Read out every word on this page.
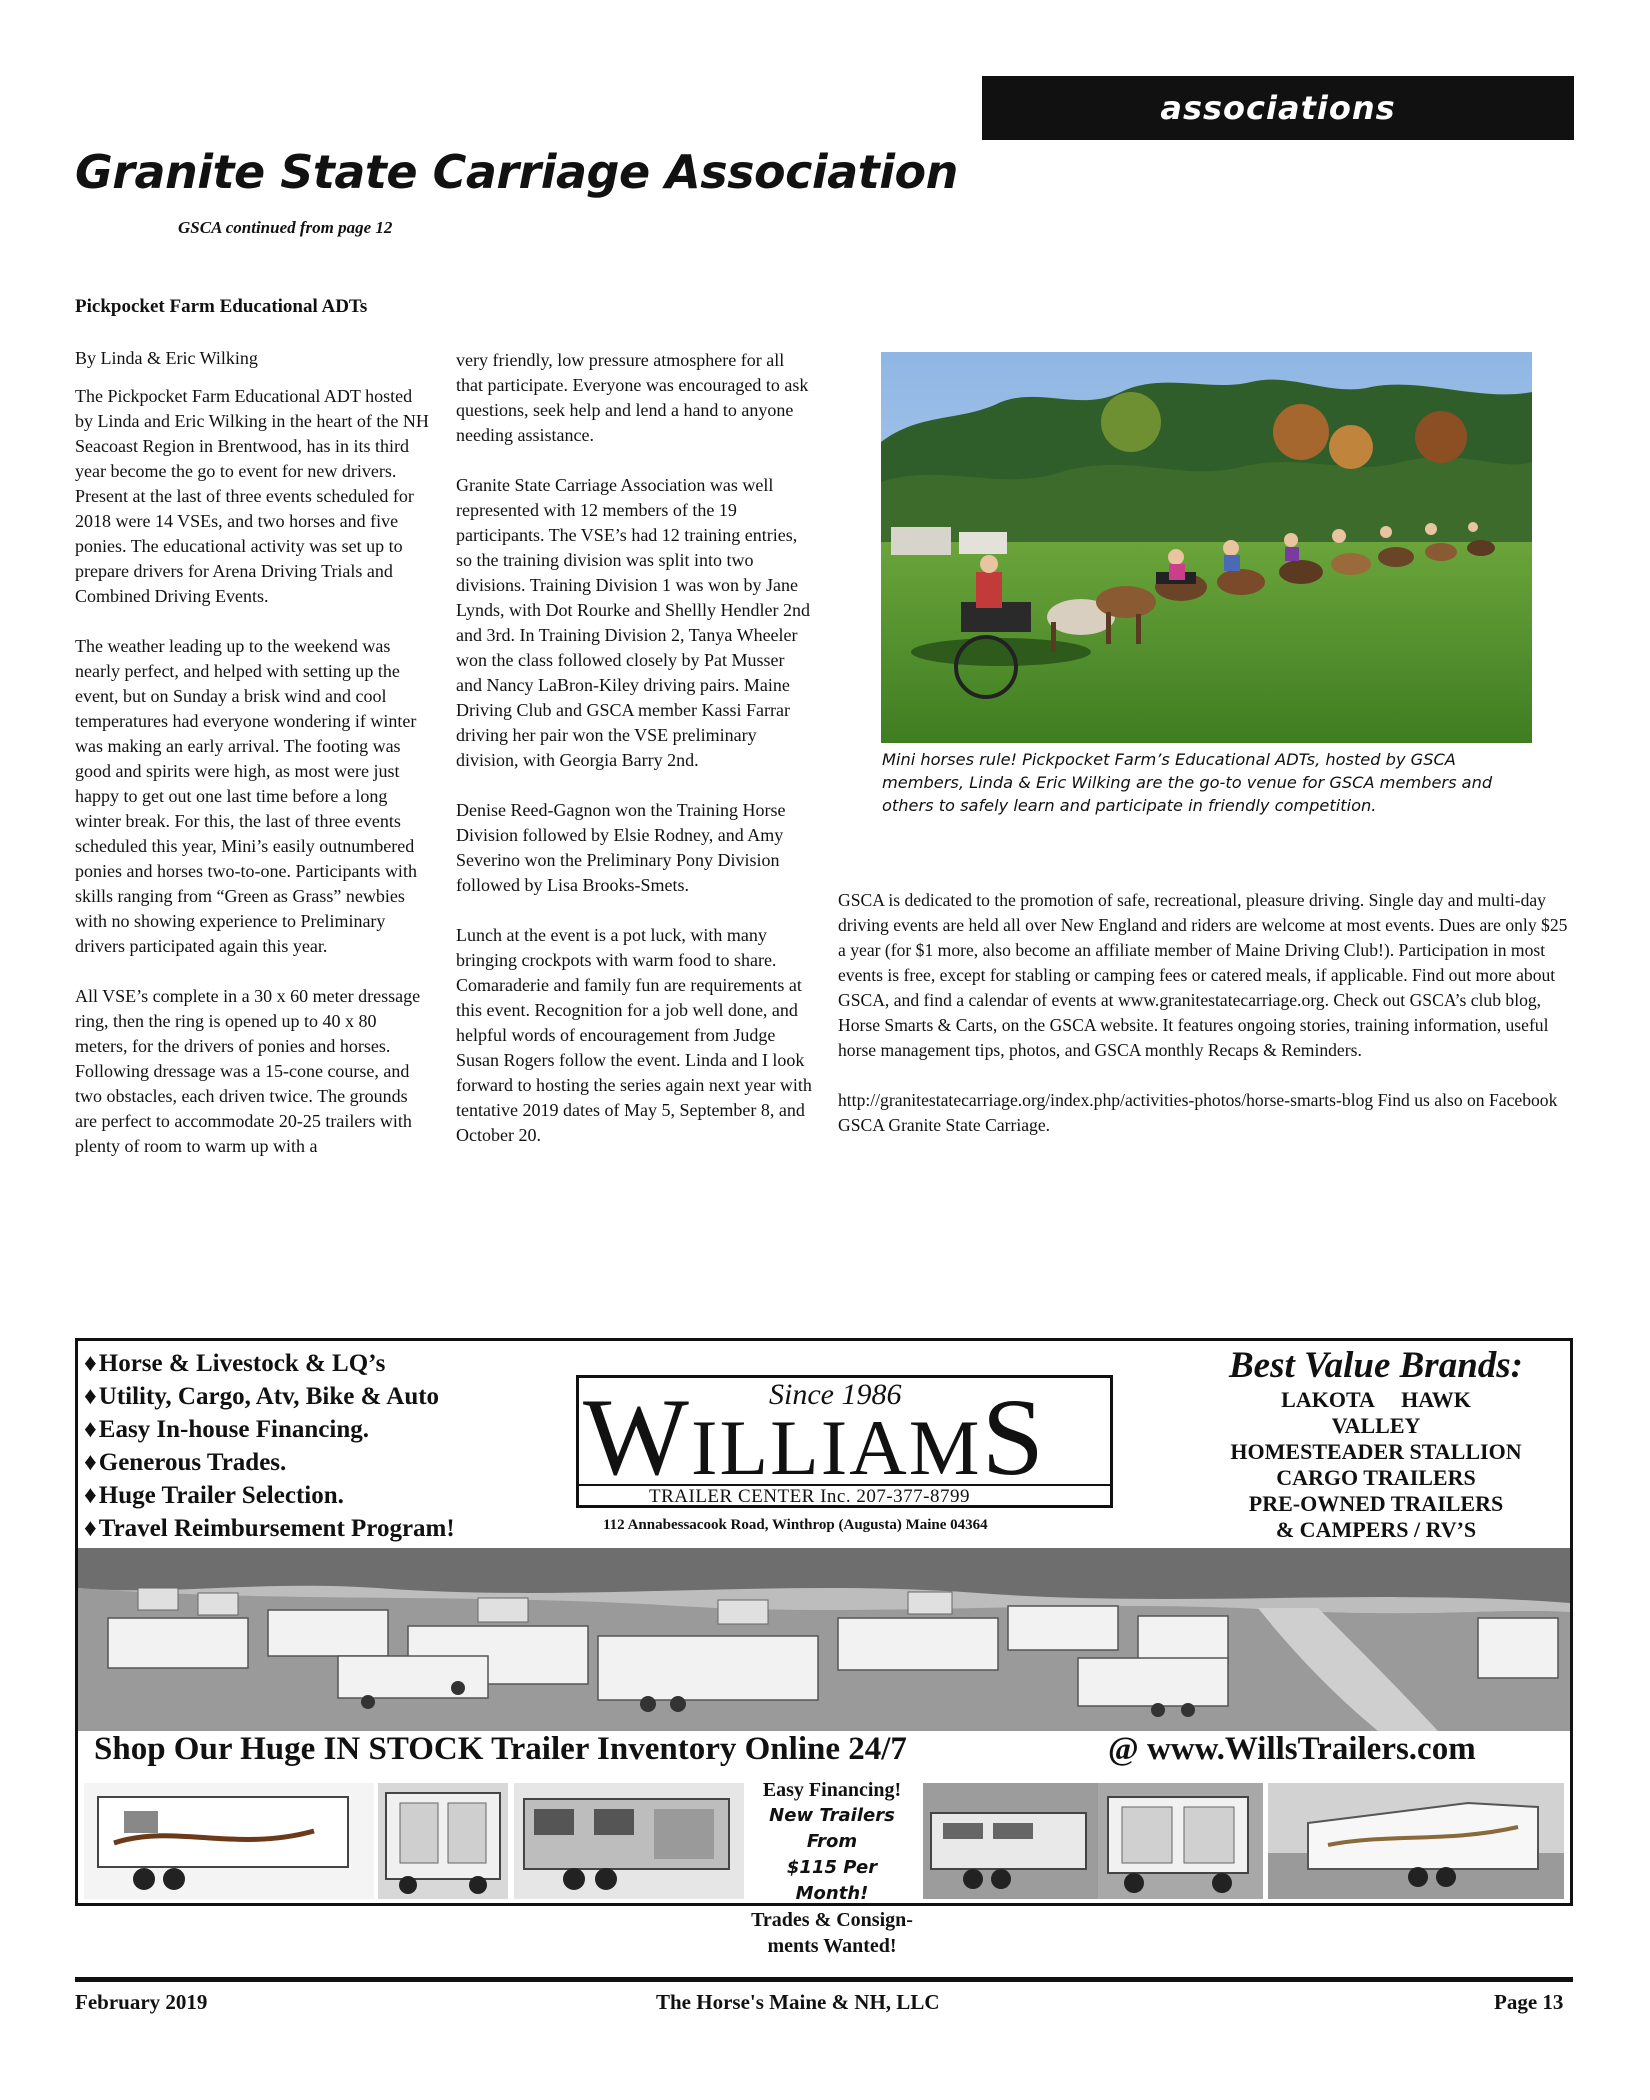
associations
Granite State Carriage Association
GSCA continued from page 12
Pickpocket Farm Educational ADTs
By Linda & Eric Wilking

The Pickpocket Farm Educational ADT hosted by Linda and Eric Wilking in the heart of the NH Seacoast Region in Brentwood, has in its third year become the go to event for new drivers. Present at the last of three events scheduled for 2018 were 14 VSEs, and two horses and five ponies. The educational activity was set up to prepare drivers for Arena Driving Trials and Combined Driving Events.

The weather leading up to the weekend was nearly perfect, and helped with setting up the event, but on Sunday a brisk wind and cool temperatures had everyone wondering if winter was making an early arrival. The footing was good and spirits were high, as most were just happy to get out one last time before a long winter break. For this, the last of three events scheduled this year, Mini’s easily outnumbered ponies and horses two-to-one. Participants with skills ranging from “Green as Grass” newbies with no showing experience to Preliminary drivers participated again this year.

All VSE’s complete in a 30 x 60 meter dressage ring, then the ring is opened up to 40 x 80 meters, for the drivers of ponies and horses. Following dressage was a 15-cone course, and two obstacles, each driven twice. The grounds are perfect to accommodate 20-25 trailers with plenty of room to warm up with a

very friendly, low pressure atmosphere for all that participate. Everyone was encouraged to ask questions, seek help and lend a hand to anyone needing assistance.

Granite State Carriage Association was well represented with 12 members of the 19 participants. The VSE’s had 12 training entries, so the training division was split into two divisions. Training Division 1 was won by Jane Lynds, with Dot Rourke and Shellly Hendler 2nd and 3rd. In Training Division 2, Tanya Wheeler won the class followed closely by Pat Musser and Nancy LaBron-Kiley driving pairs. Maine Driving Club and GSCA member Kassi Farrar driving her pair won the VSE preliminary division, with Georgia Barry 2nd.

Denise Reed-Gagnon won the Training Horse Division followed by Elsie Rodney, and Amy Severino won the Preliminary Pony Division followed by Lisa Brooks-Smets.

Lunch at the event is a pot luck, with many bringing crockpots with warm food to share. Comaraderie and family fun are requirements at this event. Recognition for a job well done, and helpful words of encouragement from Judge Susan Rogers follow the event. Linda and I look forward to hosting the series again next year with tentative 2019 dates of May 5, September 8, and October 20.

Mini horses rule! Pickpocket Farm’s Educational ADTs, hosted by GSCA members, Linda & Eric Wilking are the go-to venue for GSCA members and others to safely learn and participate in friendly competition.

GSCA is dedicated to the promotion of safe, recreational, pleasure driving. Single day and multi-day driving events are held all over New England and riders are welcome at most events. Dues are only $25 a year (for $1 more, also become an affiliate member of Maine Driving Club!). Participation in most events is free, except for stabling or camping fees or catered meals, if applicable. Find out more about GSCA, and find a calendar of events at www.granitestatecarriage.org. Check out GSCA’s club blog, Horse Smarts & Carts, on the GSCA website. It features ongoing stories, training information, useful horse management tips, photos, and GSCA monthly Recaps & Reminders.

http://granitestatecarriage.org/index.php/activities-photos/horse-smarts-blog Find us also on Facebook GSCA Granite State Carriage.

♦Horse & Livestock & LQ’s
♦Utility, Cargo, Atv, Bike & Auto
♦Easy In-house Financing.
♦Generous Trades.
♦Huge Trailer Selection.
♦Travel Reimbursement Program!
WILLIAMS
Since 1986
TRAILER CENTER Inc. 207-377-8799
112 Annabessacook Road, Winthrop (Augusta) Maine 04364
Best Value Brands:
LAKOTA     HAWK
VALLEY
HOMESTEADER STALLION
CARGO TRAILERS
PRE-OWNED TRAILERS
& CAMPERS / RV’S
Shop Our Huge IN STOCK Trailer Inventory Online 24/7	@ www.WillsTrailers.com
Easy Financing!
New Trailers From
$115 Per Month!
Trades & Consign-
ments Wanted!
February 2019	The Horse's Maine & NH, LLC	Page 13
